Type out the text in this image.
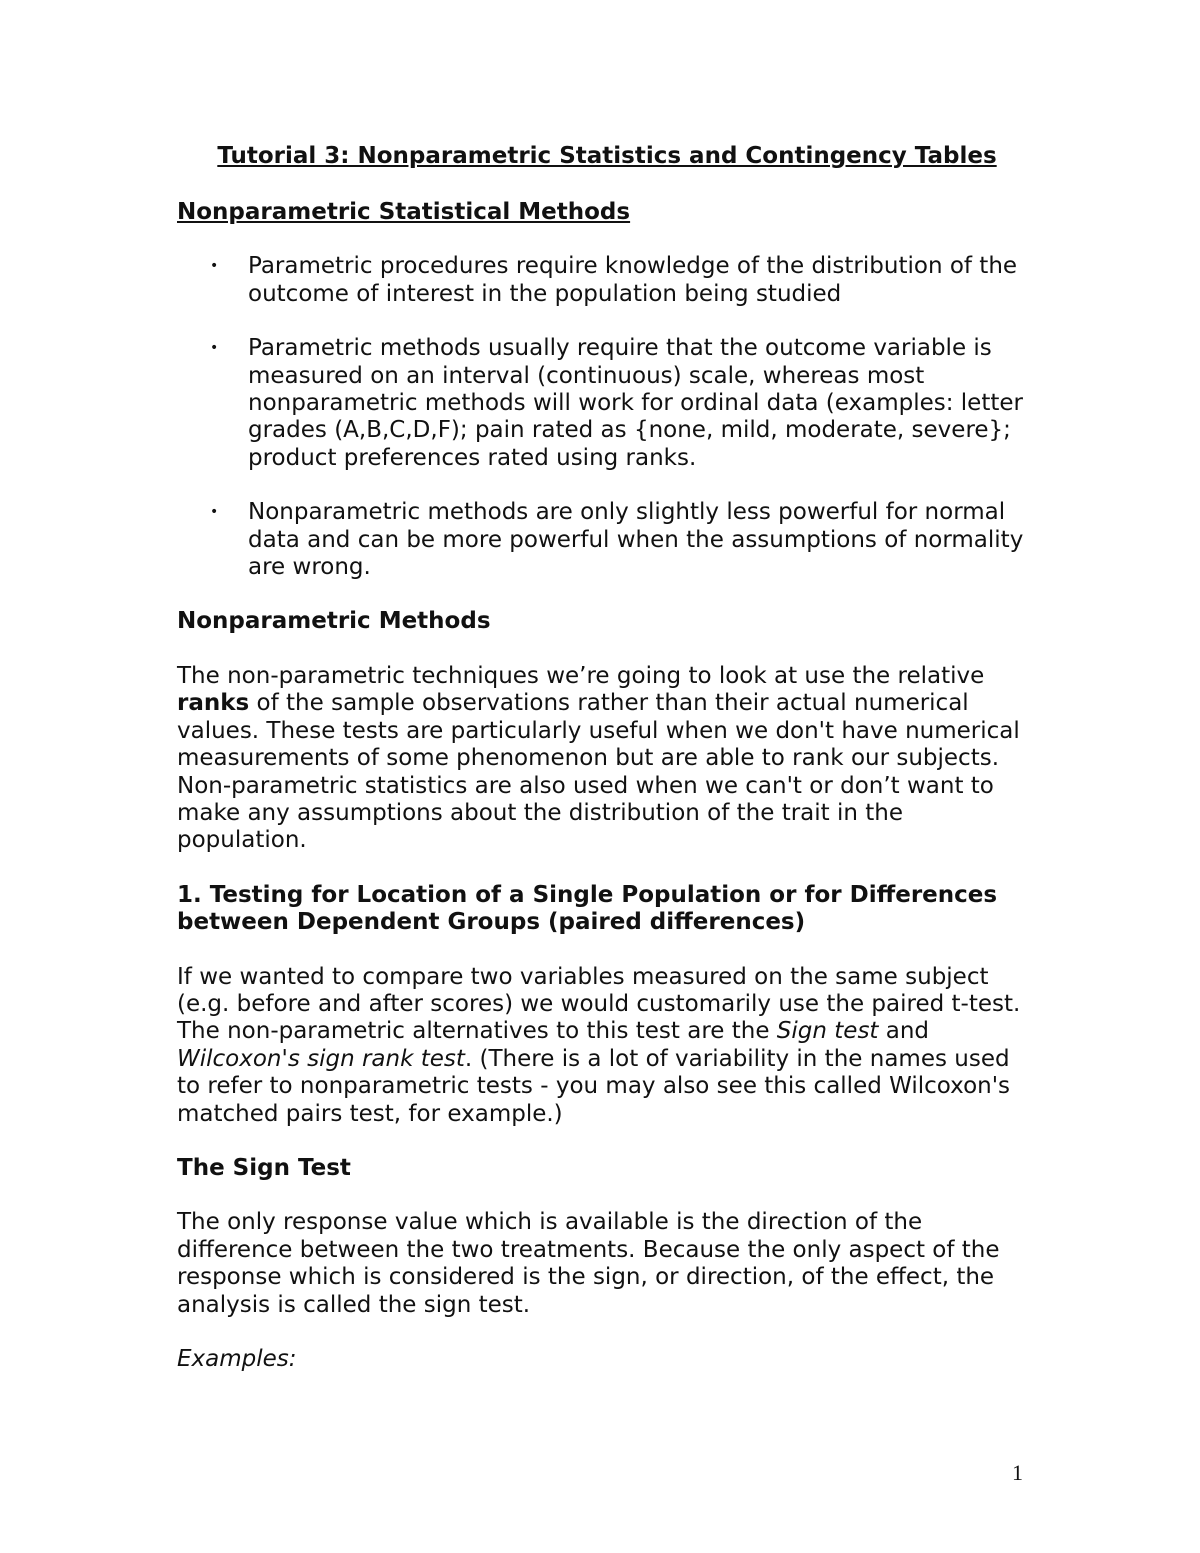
Tutorial 3: Nonparametric Statistics and Contingency Tables
Nonparametric Statistical Methods
• Parametric procedures require knowledge of the distribution of the outcome of interest in the population being studied
• Parametric methods usually require that the outcome variable is measured on an interval (continuous) scale, whereas most nonparametric methods will work for ordinal data (examples: letter grades (A,B,C,D,F); pain rated as {none, mild, moderate, severe}; product preferences rated using ranks.
• Nonparametric methods are only slightly less powerful for normal data and can be more powerful when the assumptions of normality are wrong.
Nonparametric Methods

The non-parametric techniques we’re going to look at use the relative ranks of the sample observations rather than their actual numerical values. These tests are particularly useful when we don't have numerical measurements of some phenomenon but are able to rank our subjects. Non-parametric statistics are also used when we can't or don’t want to make any assumptions about the distribution of the trait in the population.

1. Testing for Location of a Single Population or for Differences between Dependent Groups (paired differences)

If we wanted to compare two variables measured on the same subject (e.g. before and after scores) we would customarily use the paired t-test. The non-parametric alternatives to this test are the Sign test and Wilcoxon's sign rank test. (There is a lot of variability in the names used to refer to nonparametric tests - you may also see this called Wilcoxon's matched pairs test, for example.)

The Sign Test

The only response value which is available is the direction of the difference between the two treatments. Because the only aspect of the response which is considered is the sign, or direction, of the effect, the analysis is called the sign test.

Examples:
1
